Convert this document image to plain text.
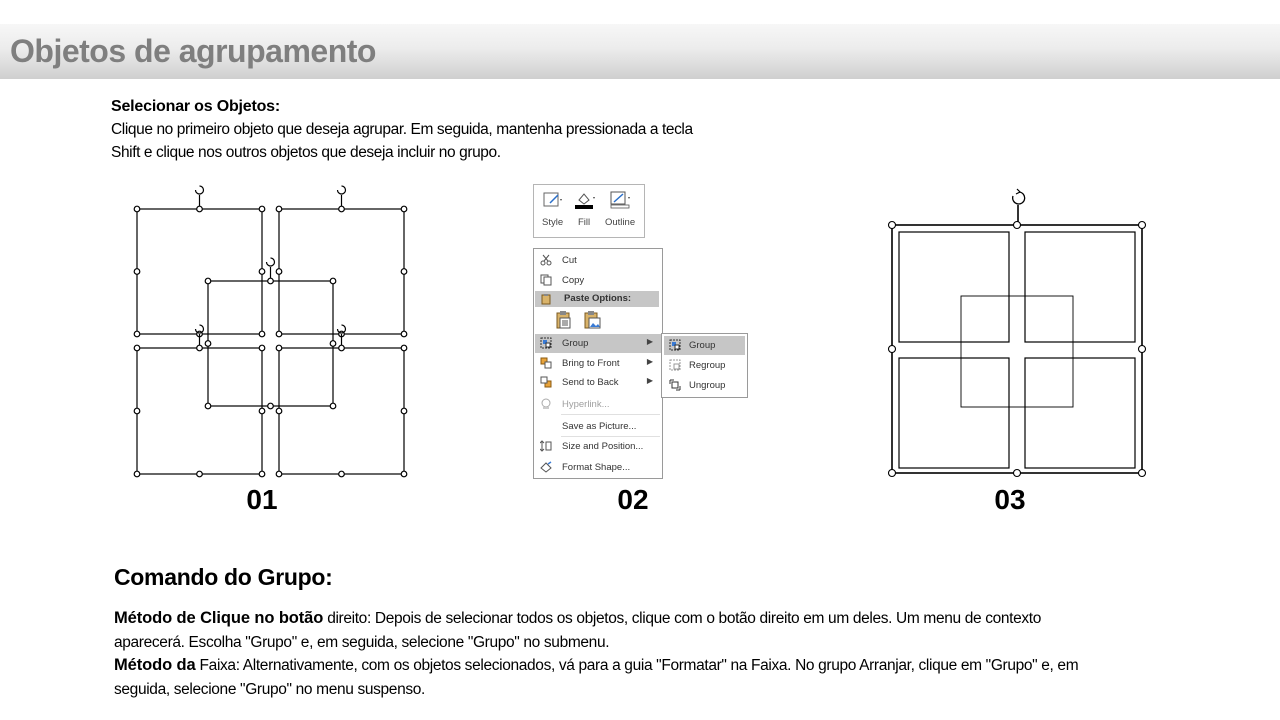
Objetos de agrupamento
Selecionar os Objetos:
Clique no primeiro objeto que deseja agrupar. Em seguida, mantenha pressionada a tecla
Shift e clique nos outros objetos que deseja incluir no grupo.
01	02	03
Style Fill Outline
Cut
Copy
Paste Options:
Group	▶
Bring to Front	▶
Send to Back	▶
Hyperlink...
Save as Picture...
Size and Position...
Format Shape...
Group
Regroup
Ungroup
Comando do Grupo:
Método de Clique no botão direito: Depois de selecionar todos os objetos, clique com o botão direito em um deles. Um menu de contexto aparecerá. Escolha "Grupo" e, em seguida, selecione "Grupo" no submenu.
Método da Faixa: Alternativamente, com os objetos selecionados, vá para a guia "Formatar" na Faixa. No grupo Arranjar, clique em "Grupo" e, em seguida, selecione "Grupo" no menu suspenso.
